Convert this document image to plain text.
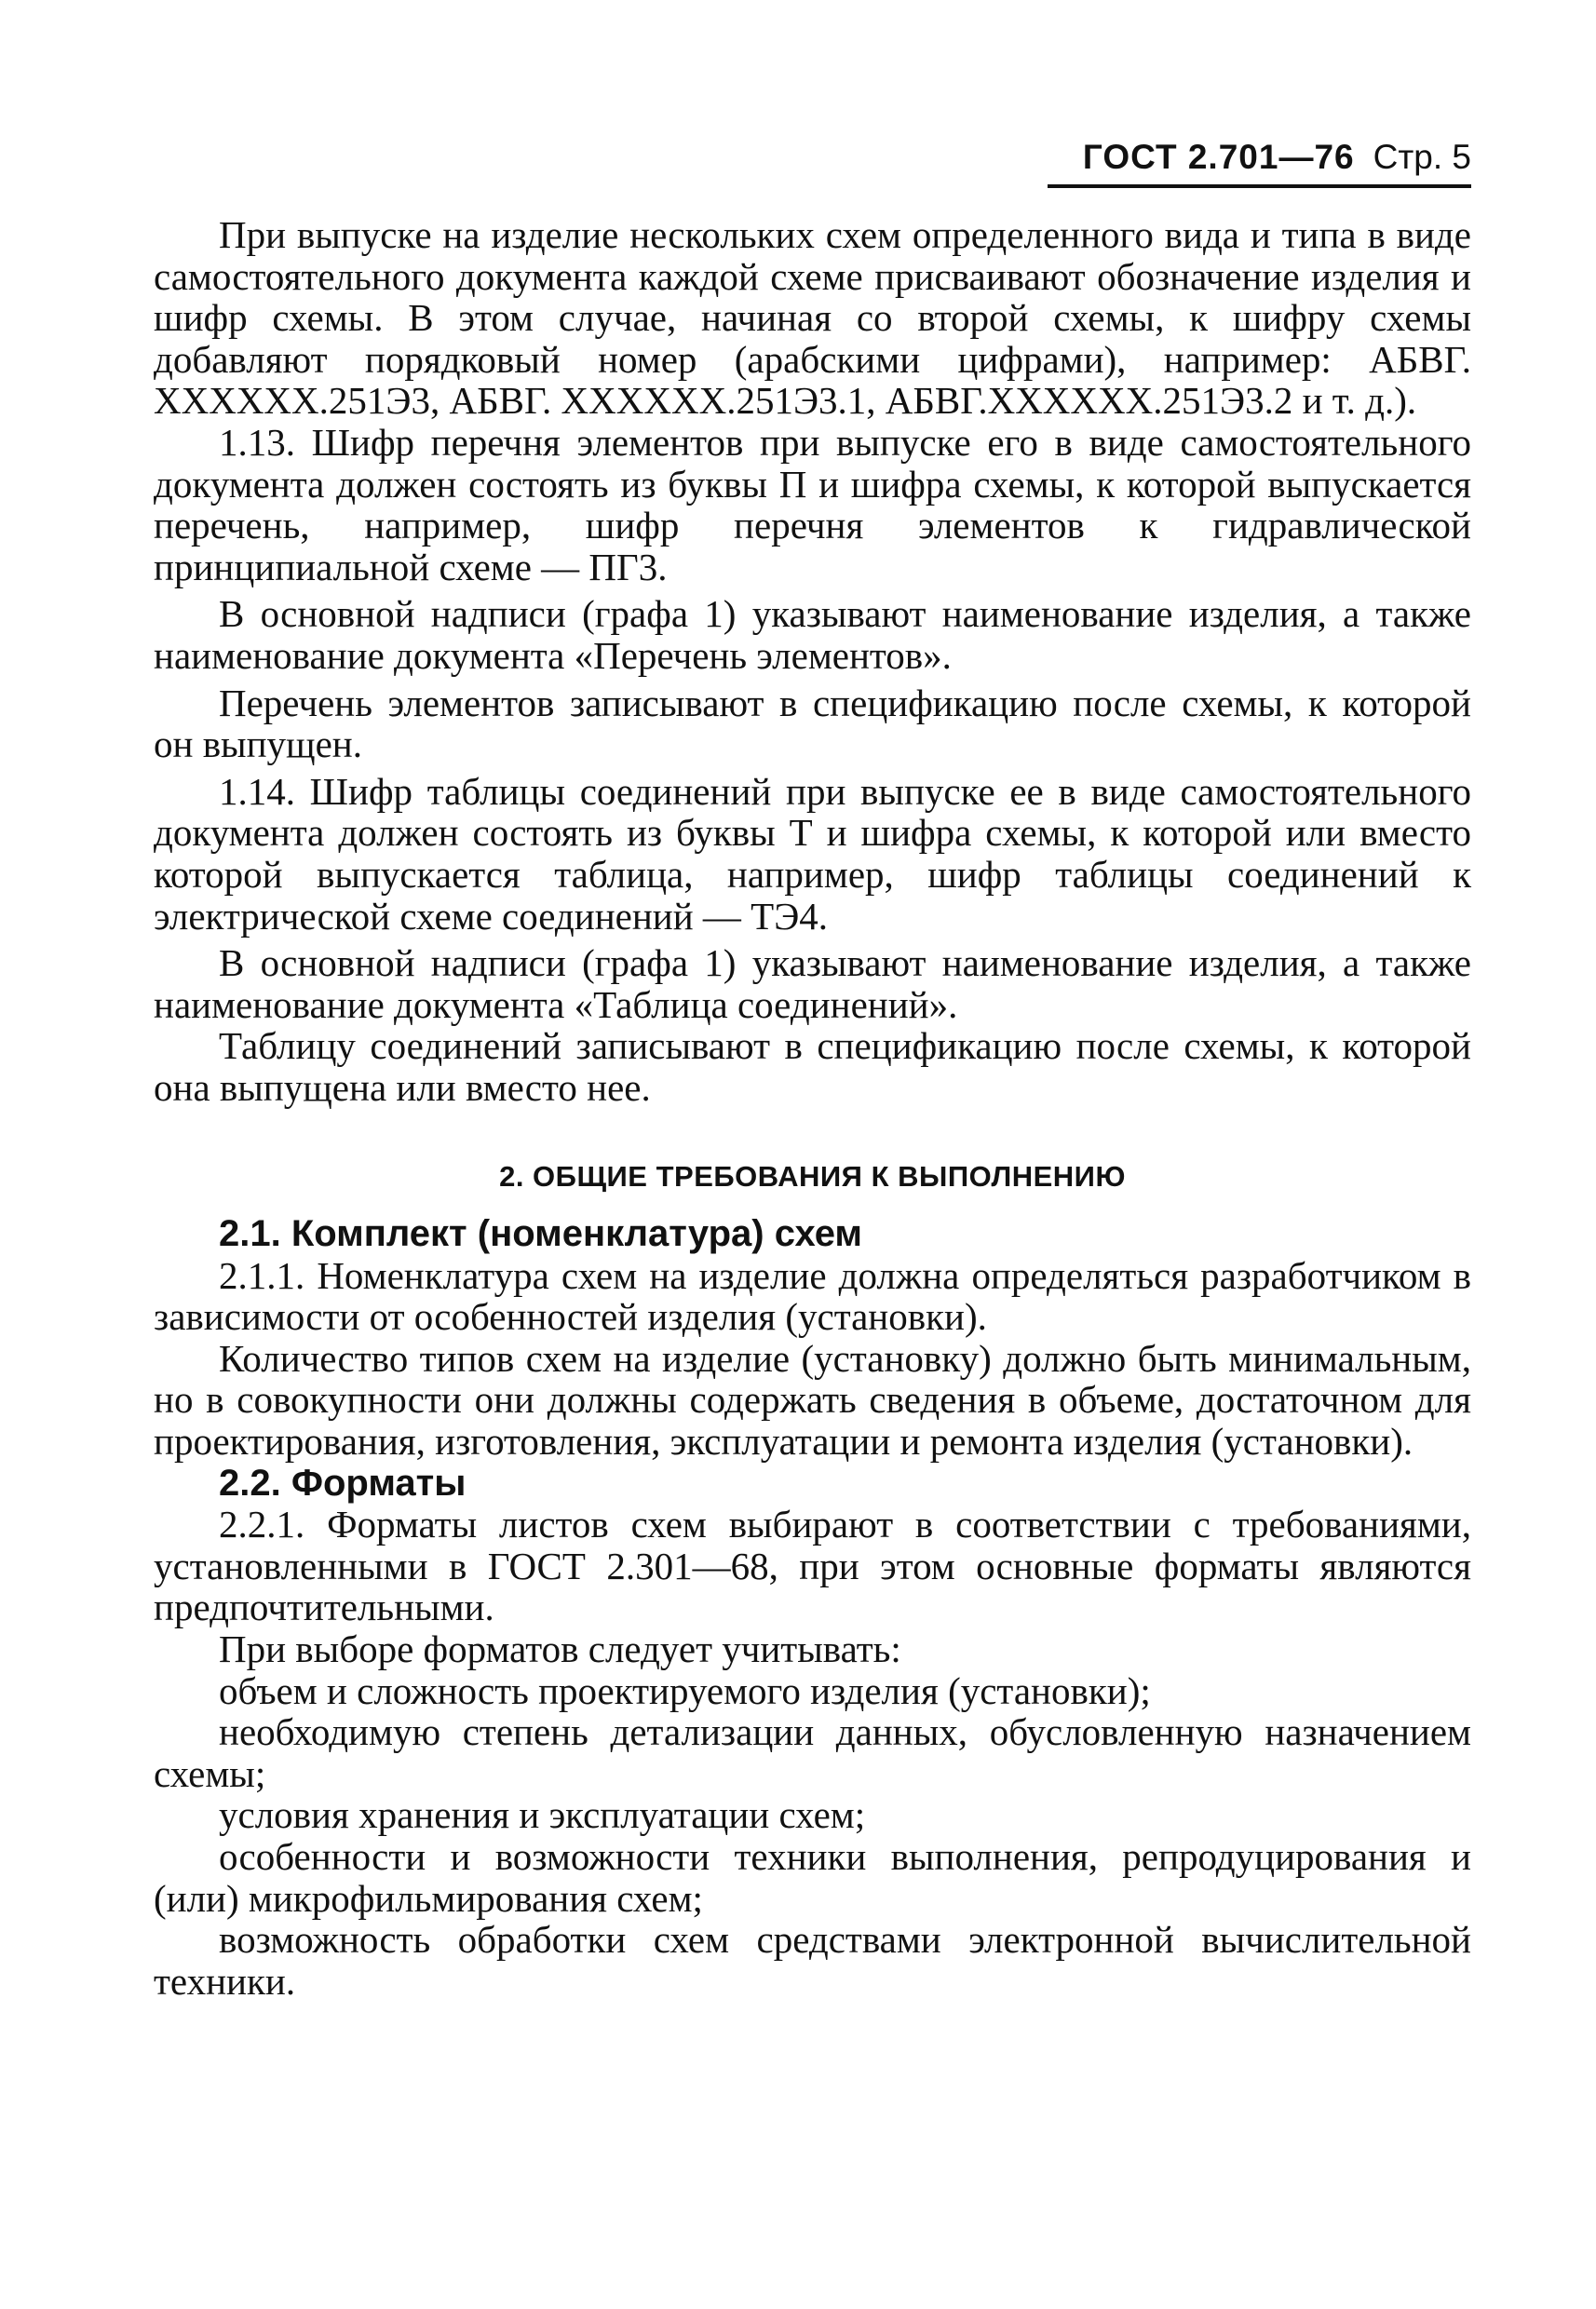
ГОСТ 2.701—76 Стр. 5

При выпуске на изделие нескольких схем определенного вида и типа в виде самостоятельного документа каждой схеме присваивают обозначение изделия и шифр схемы. В этом случае, начиная со второй схемы, к шифру схемы добавляют порядковый номер (арабскими цифрами), например: АБВГ. XXXXXX.251Э3, АБВГ. XXXXXX.251Э3.1, АБВГ.XXXXXX.251Э3.2 и т. д.).

1.13. Шифр перечня элементов при выпуске его в виде самостоятельного документа должен состоять из буквы П и шифра схемы, к которой выпускается перечень, например, шифр перечня элементов к гидравлической принципиальной схеме — ПГ3.

В основной надписи (графа 1) указывают наименование изделия, а также наименование документа «Перечень элементов».

Перечень элементов записывают в спецификацию после схемы, к которой он выпущен.

1.14. Шифр таблицы соединений при выпуске ее в виде самостоятельного документа должен состоять из буквы Т и шифра схемы, к которой или вместо которой выпускается таблица, например, шифр таблицы соединений к электрической схеме соединений — ТЭ4.

В основной надписи (графа 1) указывают наименование изделия, а также наименование документа «Таблица соединений».

Таблицу соединений записывают в спецификацию после схемы, к которой она выпущена или вместо нее.

2. ОБЩИЕ ТРЕБОВАНИЯ К ВЫПОЛНЕНИЮ

2.1. Комплект (номенклатура) схем

2.1.1. Номенклатура схем на изделие должна определяться разработчиком в зависимости от особенностей изделия (установки).

Количество типов схем на изделие (установку) должно быть минимальным, но в совокупности они должны содержать сведения в объеме, достаточном для проектирования, изготовления, эксплуатации и ремонта изделия (установки).

2.2. Форматы

2.2.1. Форматы листов схем выбирают в соответствии с требованиями, установленными в ГОСТ 2.301—68, при этом основные форматы являются предпочтительными.

При выборе форматов следует учитывать:

объем и сложность проектируемого изделия (установки);

необходимую степень детализации данных, обусловленную назначением схемы;

условия хранения и эксплуатации схем;

особенности и возможности техники выполнения, репродуцирования и (или) микрофильмирования схем;

возможность обработки схем средствами электронной вычислительной техники.
